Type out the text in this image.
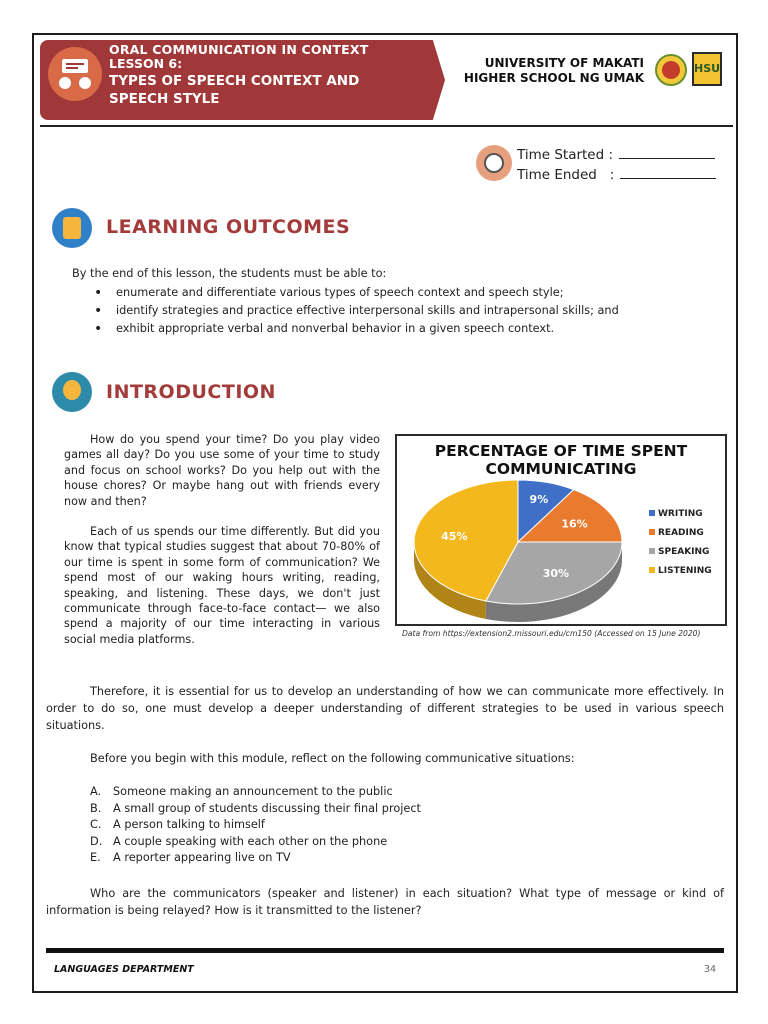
ORAL COMMUNICATION IN CONTEXT
LESSON 6:
TYPES OF SPEECH CONTEXT AND
SPEECH STYLE
UNIVERSITY OF MAKATI
HIGHER SCHOOL NG UMAK
HSU
Time Started :
Time Ended   :
LEARNING OUTCOMES
By the end of this lesson, the students must be able to:
• enumerate and differentiate various types of speech context and speech style;
• identify strategies and practice effective interpersonal skills and intrapersonal skills; and
• exhibit appropriate verbal and nonverbal behavior in a given speech context.
INTRODUCTION

How do you spend your time? Do you play video games all day? Do you use some of your time to study and focus on school works? Do you help out with the house chores? Or maybe hang out with friends every now and then?

Each of us spends our time differently. But did you know that typical studies suggest that about 70-80% of our time is spent in some form of communication? We spend most of our waking hours writing, reading, speaking, and listening. These days, we don't just communicate through face-to-face contact— we also spend a majority of our time interacting in various social media platforms.

PERCENTAGE OF TIME SPENT
COMMUNICATING
9%
16%
30%
45%
WRITING
READING
SPEAKING
LISTENING
Data from https://extension2.missouri.edu/cm150 (Accessed on 15 June 2020)
Therefore, it is essential for us to develop an understanding of how we can communicate more effectively. In order to do so, one must develop a deeper understanding of different strategies to be used in various speech situations.
Before you begin with this module, reflect on the following communicative situations:
A. Someone making an announcement to the public
B. A small group of students discussing their final project
C. A person talking to himself
D. A couple speaking with each other on the phone
E. A reporter appearing live on TV
Who are the communicators (speaker and listener) in each situation? What type of message or kind of information is being relayed? How is it transmitted to the listener?
LANGUAGES DEPARTMENT	34
